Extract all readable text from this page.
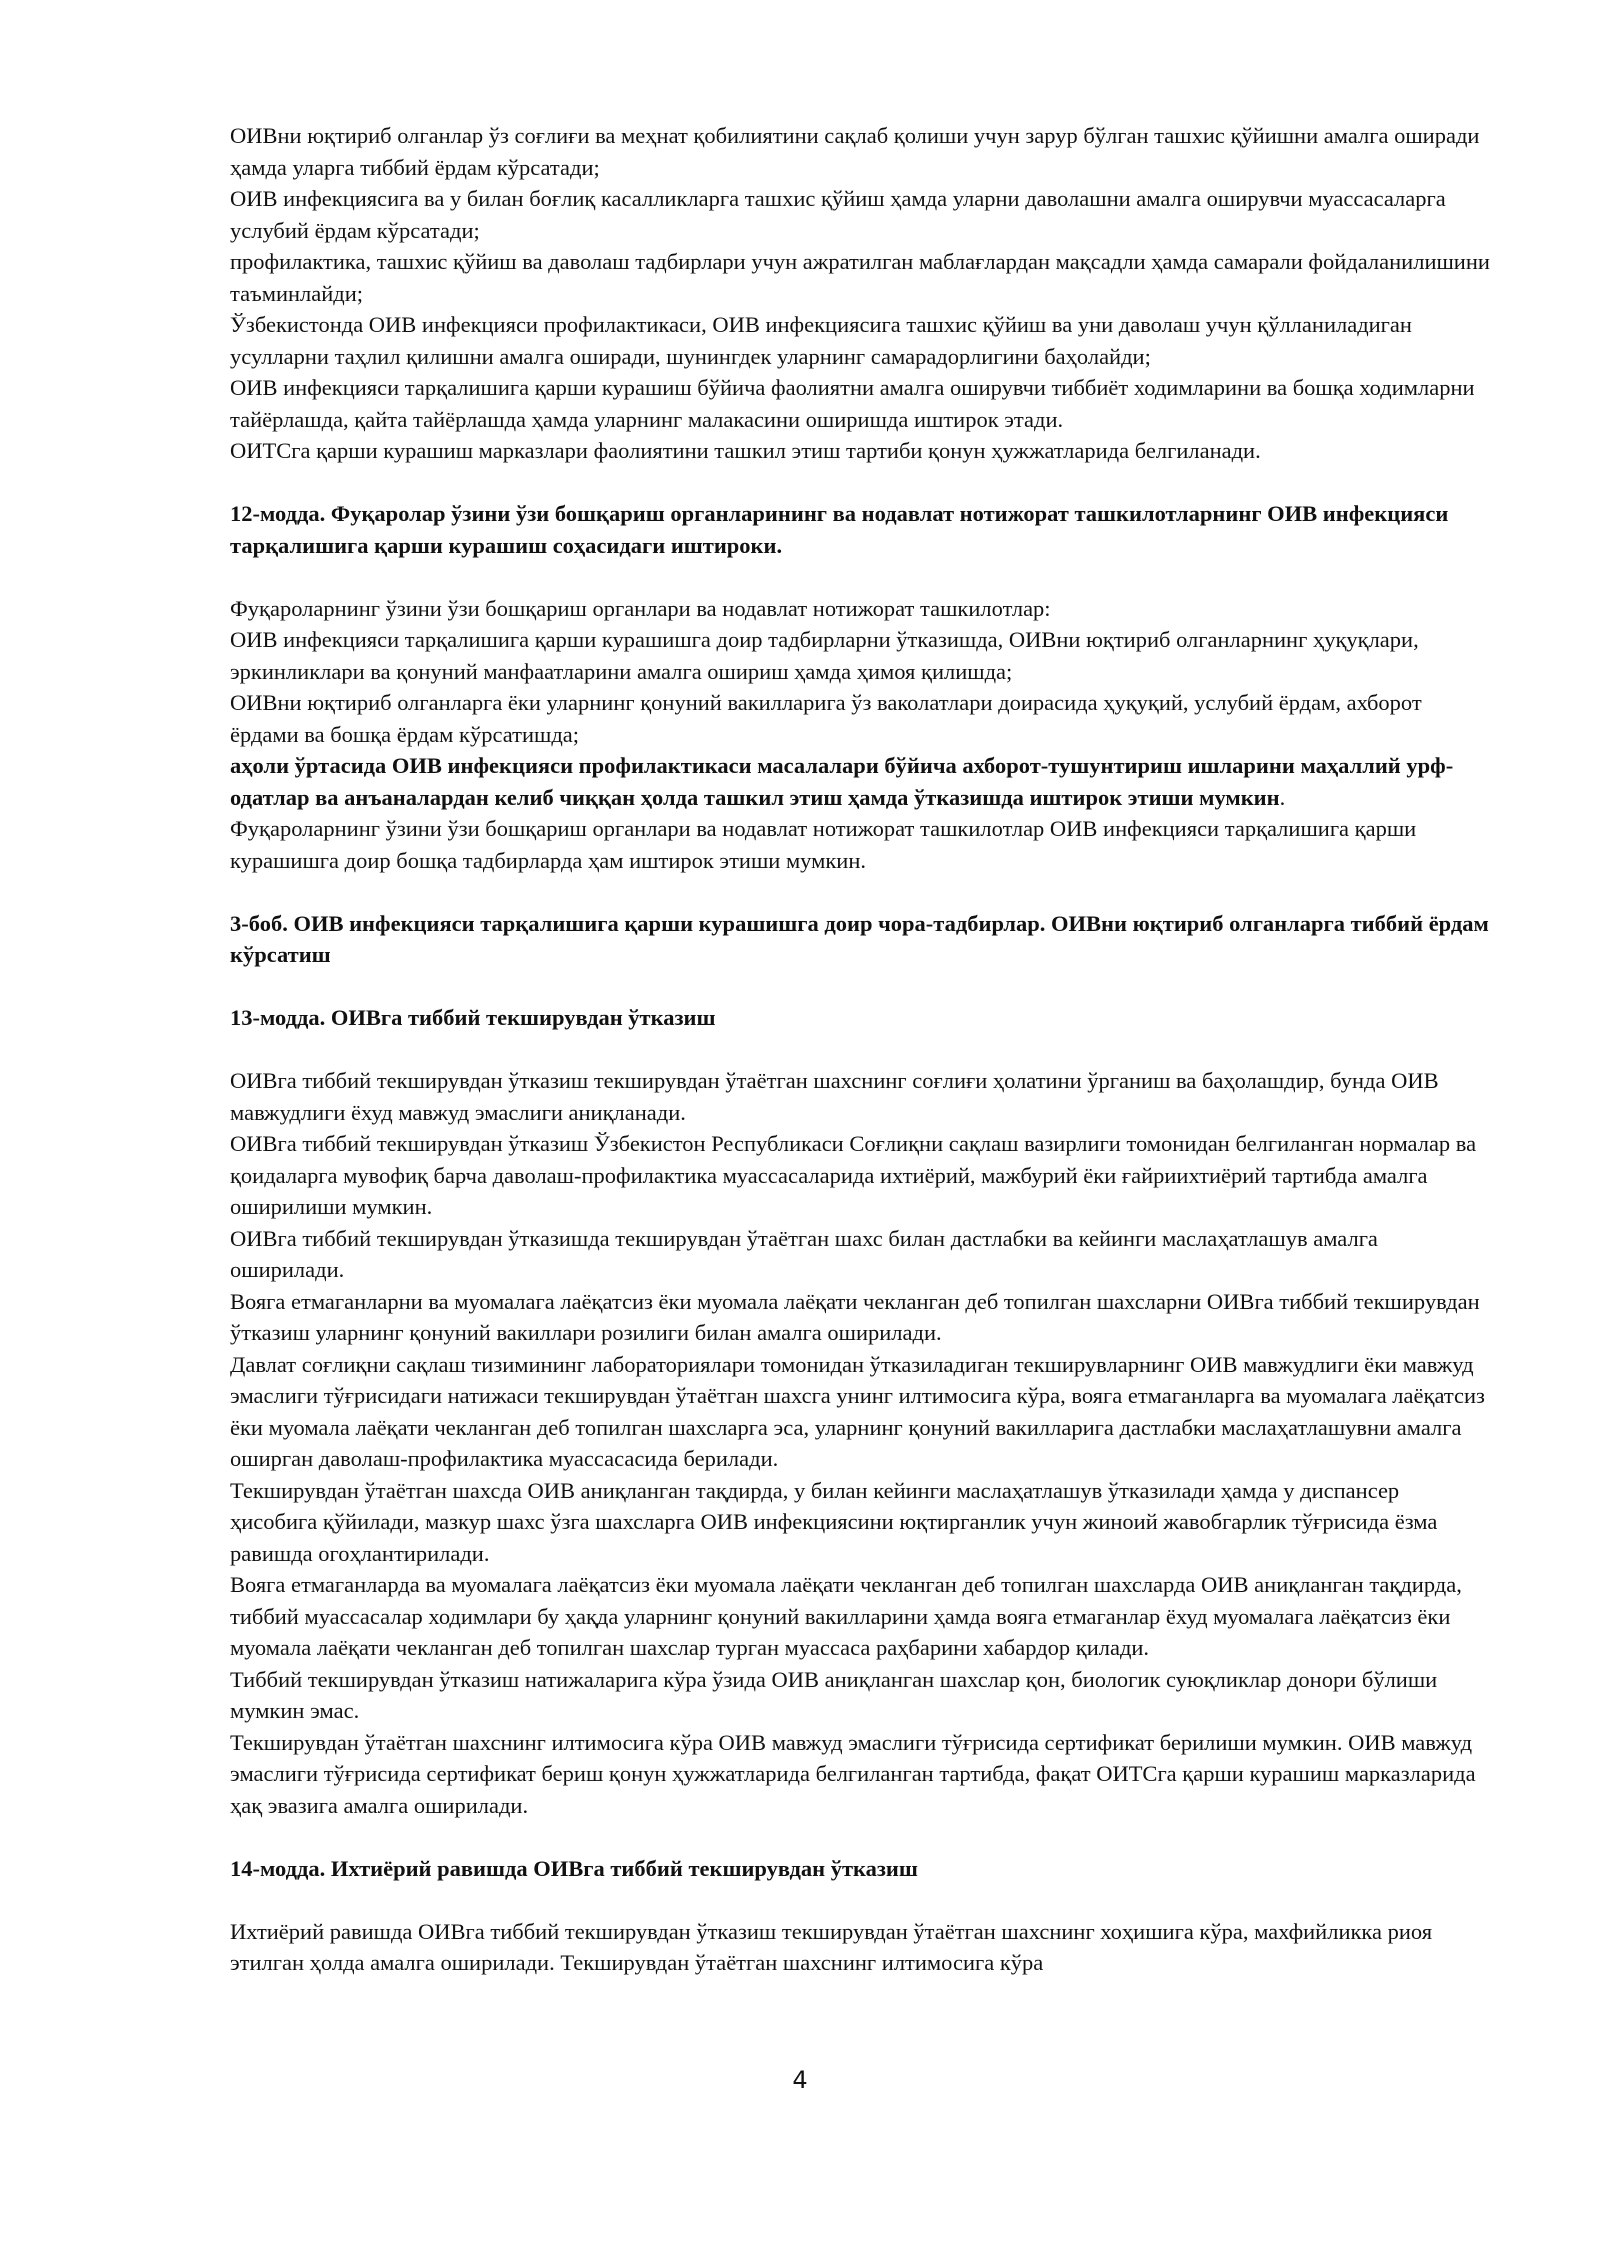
ОИВни юқтириб олганлар ўз соғлиғи ва меҳнат қобилиятини сақлаб қолиши учун зарур бўлган ташхис қўйишни амалга оширади ҳамда уларга тиббий ёрдам кўрсатади;

ОИВ инфекциясига ва у билан боғлиқ касалликларга ташхис қўйиш ҳамда уларни даволашни амалга оширувчи муассасаларга услубий ёрдам кўрсатади;

профилактика, ташхис қўйиш ва даволаш тадбирлари учун ажратилган маблағлардан мақсадли ҳамда самарали фойдаланилишини таъминлайди;

Ўзбекистонда ОИВ инфекцияси профилактикаси, ОИВ инфекциясига ташхис қўйиш ва уни даволаш учун қўлланиладиган усулларни таҳлил қилишни амалга оширади, шунингдек уларнинг самарадорлигини баҳолайди;

ОИВ инфекцияси тарқалишига қарши курашиш бўйича фаолиятни амалга оширувчи тиббиёт ходимларини ва бошқа ходимларни тайёрлашда, қайта тайёрлашда ҳамда уларнинг малакасини оширишда иштирок этади.

ОИТСга қарши курашиш марказлари фаолиятини ташкил этиш тартиби қонун ҳужжатларида белгиланади.

12-модда. Фуқаролар ўзини ўзи бошқариш органларининг ва нодавлат нотижорат ташкилотларнинг ОИВ инфекцияси тарқалишига қарши курашиш соҳасидаги иштироки.

Фуқароларнинг ўзини ўзи бошқариш органлари ва нодавлат нотижорат ташкилотлар:

ОИВ инфекцияси тарқалишига қарши курашишга доир тадбирларни ўтказишда, ОИВни юқтириб олганларнинг ҳуқуқлари, эркинликлари ва қонуний манфаатларини амалга ошириш ҳамда ҳимоя қилишда;

ОИВни юқтириб олганларга ёки уларнинг қонуний вакилларига ўз ваколатлари доирасида ҳуқуқий, услубий ёрдам, ахборот ёрдами ва бошқа ёрдам кўрсатишда;

аҳоли ўртасида ОИВ инфекцияси профилактикаси масалалари бўйича ахборот-тушунтириш ишларини маҳаллий урф-одатлар ва анъаналардан келиб чиққан ҳолда ташкил этиш ҳамда ўтказишда иштирок этиши мумкин.

Фуқароларнинг ўзини ўзи бошқариш органлари ва нодавлат нотижорат ташкилотлар ОИВ инфекцияси тарқалишига қарши курашишга доир бошқа тадбирларда ҳам иштирок этиши мумкин.

3-боб. ОИВ инфекцияси тарқалишига қарши курашишга доир чора-тадбирлар. ОИВни юқтириб олганларга тиббий ёрдам кўрсатиш

13-модда. ОИВга тиббий текширувдан ўтказиш

ОИВга тиббий текширувдан ўтказиш текширувдан ўтаётган шахснинг соғлиғи ҳолатини ўрганиш ва баҳолашдир, бунда ОИВ мавжудлиги ёхуд мавжуд эмаслиги аниқланади.

ОИВга тиббий текширувдан ўтказиш Ўзбекистон Республикаси Соғлиқни сақлаш вазирлиги томонидан белгиланган нормалар ва қоидаларга мувофиқ барча даволаш-профилактика муассасаларида ихтиёрий, мажбурий ёки ғайриихтиёрий тартибда амалга оширилиши мумкин.

ОИВга тиббий текширувдан ўтказишда текширувдан ўтаётган шахс билан дастлабки ва кейинги маслаҳатлашув амалга оширилади.

Вояга етмаганларни ва муомалага лаёқатсиз ёки муомала лаёқати чекланган деб топилган шахсларни ОИВга тиббий текширувдан ўтказиш уларнинг қонуний вакиллари розилиги билан амалга оширилади.

Давлат соғлиқни сақлаш тизимининг лабораториялари томонидан ўтказиладиган текширувларнинг ОИВ мавжудлиги ёки мавжуд эмаслиги тўғрисидаги натижаси текширувдан ўтаётган шахсга унинг илтимосига кўра, вояга етмаганларга ва муомалага лаёқатсиз ёки муомала лаёқати чекланган деб топилган шахсларга эса, уларнинг қонуний вакилларига дастлабки маслаҳатлашувни амалга оширган даволаш-профилактика муассасасида берилади.

Текширувдан ўтаётган шахсда ОИВ аниқланган тақдирда, у билан кейинги маслаҳатлашув ўтказилади ҳамда у диспансер ҳисобига қўйилади, мазкур шахс ўзга шахсларга ОИВ инфекциясини юқтирганлик учун жиноий жавобгарлик тўғрисида ёзма равишда огоҳлантирилади.

Вояга етмаганларда ва муомалага лаёқатсиз ёки муомала лаёқати чекланган деб топилган шахсларда ОИВ аниқланган тақдирда, тиббий муассасалар ходимлари бу ҳақда уларнинг қонуний вакилларини ҳамда вояга етмаганлар ёхуд муомалага лаёқатсиз ёки муомала лаёқати чекланган деб топилган шахслар турган муассаса раҳбарини хабардор қилади.

Тиббий текширувдан ўтказиш натижаларига кўра ўзида ОИВ аниқланган шахслар қон, биологик суюқликлар донори бўлиши мумкин эмас.

Текширувдан ўтаётган шахснинг илтимосига кўра ОИВ мавжуд эмаслиги тўғрисида сертификат берилиши мумкин. ОИВ мавжуд эмаслиги тўғрисида сертификат бериш қонун ҳужжатларида белгиланган тартибда, фақат ОИТСга қарши курашиш марказларида ҳақ эвазига амалга оширилади.

14-модда. Ихтиёрий равишда ОИВга тиббий текширувдан ўтказиш

Ихтиёрий равишда ОИВга тиббий текширувдан ўтказиш текширувдан ўтаётган шахснинг хоҳишига кўра, махфийликка риоя этилган ҳолда амалга оширилади. Текширувдан ўтаётган шахснинг илтимосига кўра

4
